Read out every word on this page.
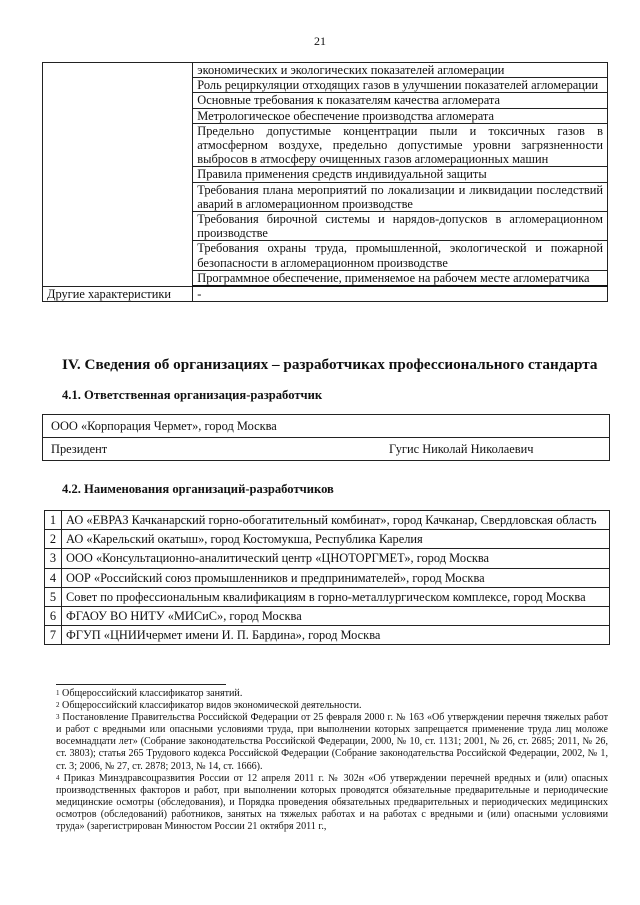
21
	экономических и экологических показателей агломерации
	Роль рециркуляции отходящих газов в улучшении показателей агломерации
	Основные требования к показателям качества агломерата
	Метрологическое обеспечение производства агломерата
	Предельно допустимые концентрации пыли и токсичных газов в атмосферном воздухе, предельно допустимые уровни загрязненности выбросов в атмосферу очищенных газов агломерационных машин
	Правила применения средств индивидуальной защиты
	Требования плана мероприятий по локализации и ликвидации последствий аварий в агломерационном производстве
	Требования бирочной системы и нарядов-допусков в агломерационном производстве
	Требования охраны труда, промышленной, экологической и пожарной безопасности в агломерационном производстве
	Программное обеспечение, применяемое на рабочем месте агломератчика
Другие характеристики	-
IV. Сведения об организациях – разработчиках профессионального стандарта
4.1. Ответственная организация-разработчик
ООО «Корпорация Чермет», город Москва
Президент	Гугис Николай Николаевич
4.2. Наименования организаций-разработчиков
1	АО «ЕВРАЗ Качканарский горно-обогатительный комбинат», город Качканар, Свердловская область
2	АО «Карельский окатыш», город Костомукша, Республика Карелия
3	ООО «Консультационно-аналитический центр «ЦНОТОРГМЕТ», город Москва
4	ООР «Российский союз промышленников и предпринимателей», город Москва
5	Совет по профессиональным квалификациям в горно-металлургическом комплексе, город Москва
6	ФГАОУ ВО НИТУ «МИСиС», город Москва
7	ФГУП «ЦНИИчермет имени И. П. Бардина», город Москва

$^1$ Общероссийский классификатор занятий.

$^2$ Общероссийский классификатор видов экономической деятельности.

$^3$ Постановление Правительства Российской Федерации от 25 февраля 2000 г. № 163 «Об утверждении перечня тяжелых работ и работ с вредными или опасными условиями труда, при выполнении которых запрещается применение труда лиц моложе восемнадцати лет» (Собрание законодательства Российской Федерации, 2000, № 10, ст. 1131; 2001, № 26, ст. 2685; 2011, № 26, ст. 3803); статья 265 Трудового кодекса Российской Федерации (Собрание законодательства Российской Федерации, 2002, № 1, ст. 3; 2006, № 27, ст. 2878; 2013, № 14, ст. 1666).

$^4$ Приказ Минздравсоцразвития России от 12 апреля 2011 г. № 302н «Об утверждении перечней вредных и (или) опасных производственных факторов и работ, при выполнении которых проводятся обязательные предварительные и периодические медицинские осмотры (обследования), и Порядка проведения обязательных предварительных и периодических медицинских осмотров (обследований) работников, занятых на тяжелых работах и на работах с вредными и (или) опасными условиями труда» (зарегистрирован Минюстом России 21 октября 2011 г.,
